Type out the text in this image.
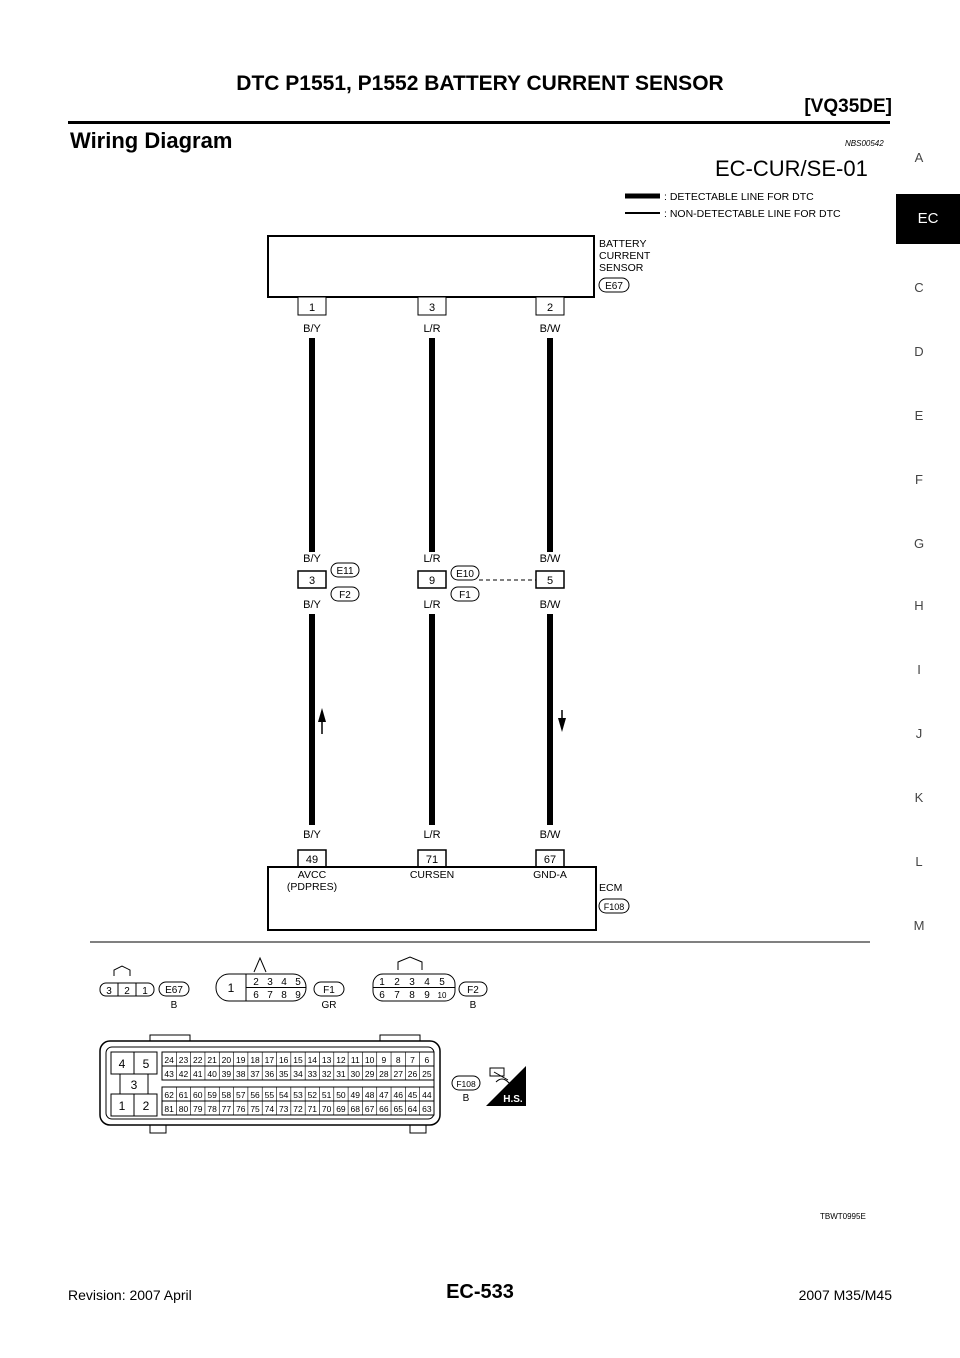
DTC P1551, P1552 BATTERY CURRENT SENSOR
[VQ35DE]
Wiring Diagram	NBS00542
EC-CUR/SE-01
EC
A
C
D
E
F
G
H
I
J
K
L
M
: DETECTABLE LINE FOR DTC
: NON-DETECTABLE LINE FOR DTC
BATTERY
CURRENT
SENSOR
E67
1	3	2
B/Y	L/R	B/W
B/Y	L/R	B/W
3	9	5
E11
F2
E10
F1
B/Y	L/R	B/W
B/Y	L/R	B/W
49	71	67
AVCC
(PDPRES)
CURSEN	GND-A
ECM
F108
3 2 1 E67
B
1 2 3 4 5
6 7 8 9 F1
GR
1 2 3 4 5
6 7 8 9 10 F2
B
4 5
3
1 2
24 23 22 21 20 19 18 17 16 15 14 13 12 11 10 9 8 7 6
43 42 41 40 39 38 37 36 35 34 33 32 31 30 29 28 27 26 25
62 61 60 59 58 57 56 55 54 53 52 51 50 49 48 47 46 45 44
81 80 79 78 77 76 75 74 73 72 71 70 69 68 67 66 65 64 63
F108
B	H.S.
TBWT0995E
Revision: 2007 April	EC-533	2007 M35/M45
